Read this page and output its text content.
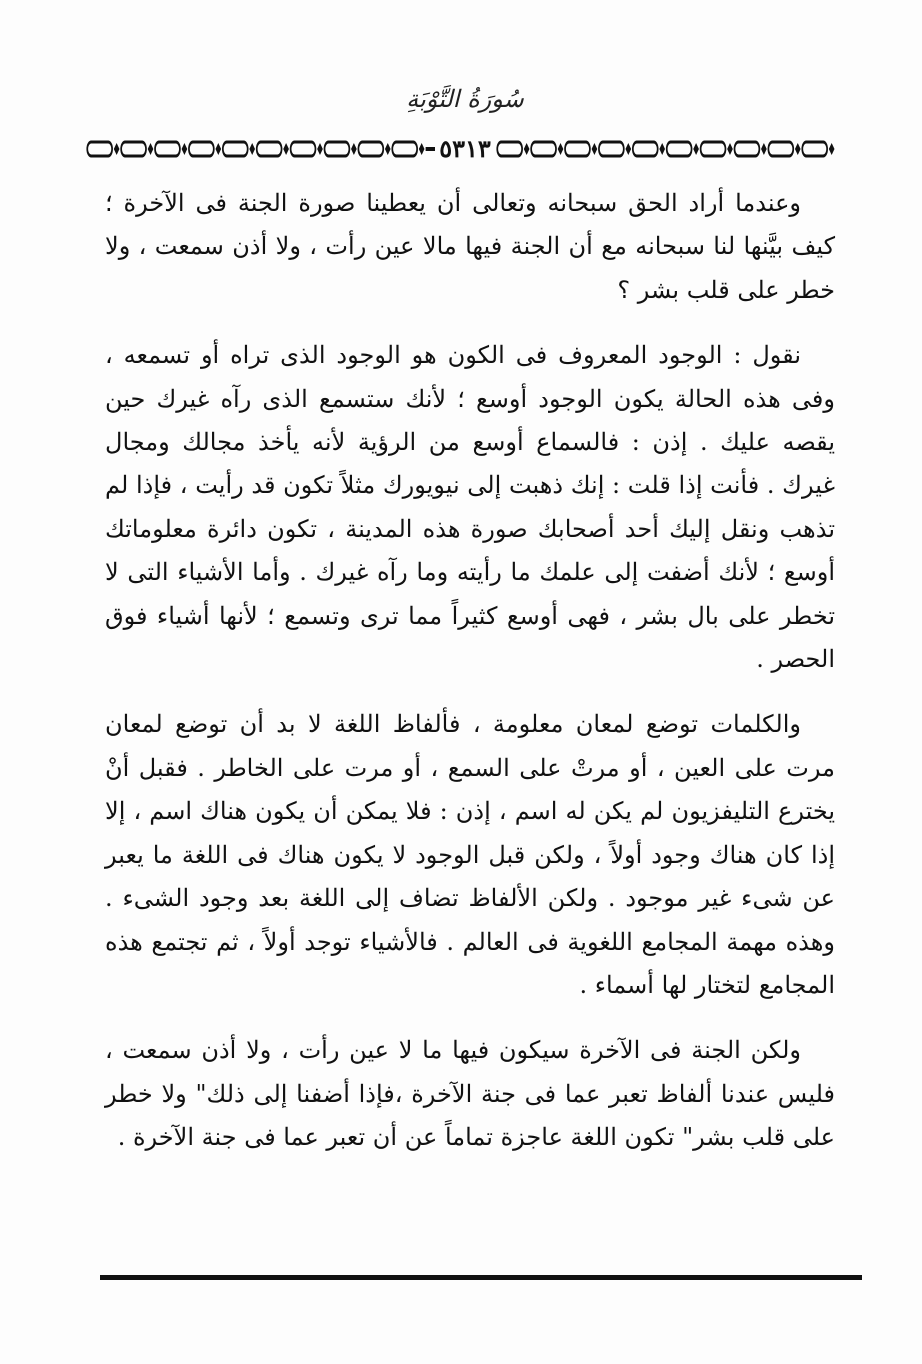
سُورَةُ التَّوْبَةِ
٥٣١٣

وعندما أراد الحق سبحانه وتعالى أن يعطينا صورة الجنة فى الآخرة ؛ كيف بيَّنها لنا سبحانه مع أن الجنة فيها مالا عين رأت ، ولا أذن سمعت ، ولا خطر على قلب بشر ؟

نقول : الوجود المعروف فى الكون هو الوجود الذى تراه أو تسمعه ، وفى هذه الحالة يكون الوجود أوسع ؛ لأنك ستسمع الذى رآه غيرك حين يقصه عليك . إذن : فالسماع أوسع من الرؤية لأنه يأخذ مجالك ومجال غيرك . فأنت إذا قلت : إنك ذهبت إلى نيويورك مثلاً تكون قد رأيت ، فإذا لم تذهب ونقل إليك أحد أصحابك صورة هذه المدينة ، تكون دائرة معلوماتك أوسع ؛ لأنك أضفت إلى علمك ما رأيته وما رآه غيرك . وأما الأشياء التى لا تخطر على بال بشر ، فهى أوسع كثيراً مما ترى وتسمع ؛ لأنها أشياء فوق الحصر .

والكلمات توضع لمعان معلومة ، فألفاظ اللغة لا بد أن توضع لمعان مرت على العين ، أو مرتْ على السمع ، أو مرت على الخاطر . فقبل أنْ يخترع التليفزيون لم يكن له اسم ، إذن : فلا يمكن أن يكون هناك اسم ، إلا إذا كان هناك وجود أولاً ، ولكن قبل الوجود لا يكون هناك فى اللغة ما يعبر عن شىء غير موجود . ولكن الألفاظ تضاف إلى اللغة بعد وجود الشىء . وهذه مهمة المجامع اللغوية فى العالم . فالأشياء توجد أولاً ، ثم تجتمع هذه المجامع لتختار لها أسماء .

ولكن الجنة فى الآخرة سيكون فيها ما لا عين رأت ، ولا أذن سمعت ، فليس عندنا ألفاظ تعبر عما فى جنة الآخرة ،فإذا أضفنا إلى ذلك" ولا خطر على قلب بشر" تكون اللغة عاجزة تماماً عن أن تعبر عما فى جنة الآخرة .
